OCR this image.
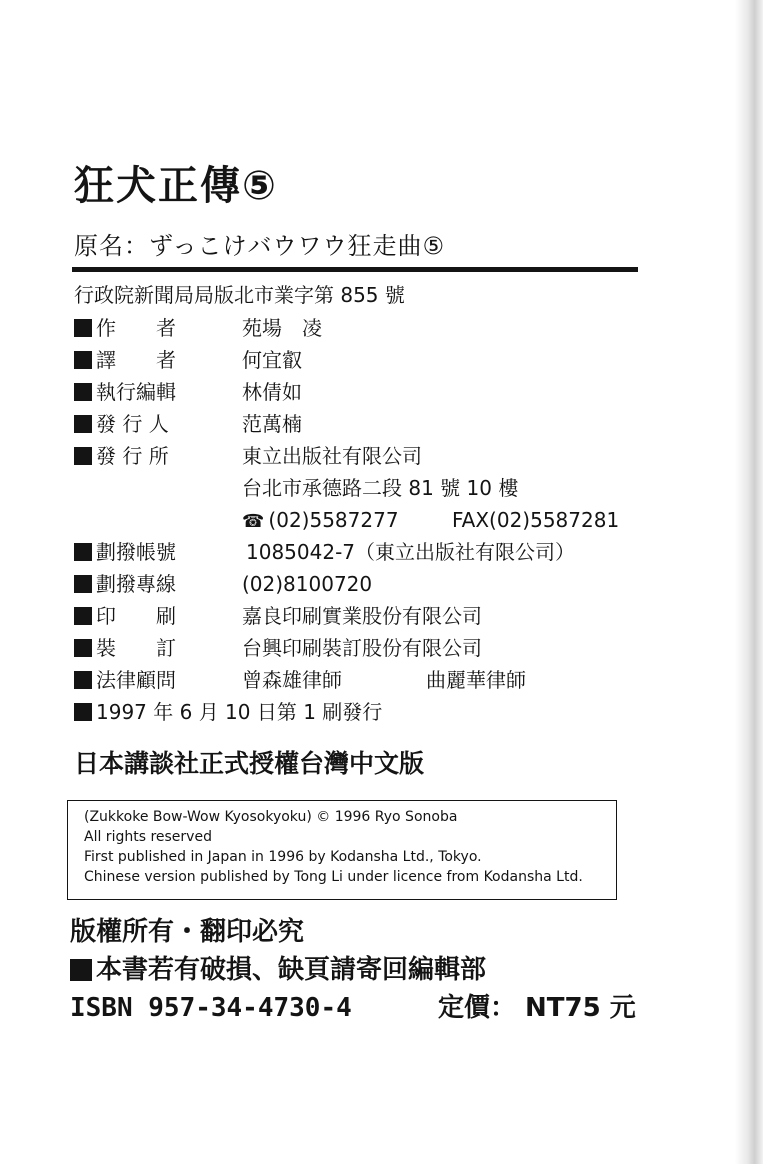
狂犬正傳⑤
原名：ずっこけバウワウ狂走曲⑤
行政院新聞局局版北市業字第 855 號
作　　者	苑場　凌
譯　　者	何宜叡
執行編輯	林倩如
發 行 人	范萬楠
發 行 所	東立出版社有限公司
台北市承德路二段 81 號 10 樓
☎ (02)5587277	FAX(02)5587281
劃撥帳號	1085042-7（東立出版社有限公司）
劃撥專線	(02)8100720
印　　刷	嘉良印刷實業股份有限公司
裝　　訂	台興印刷裝訂股份有限公司
法律顧問	曾森雄律師	曲麗華律師
1997 年 6 月 10 日第 1 刷發行
日本講談社正式授權台灣中文版
(Zukkoke Bow-Wow Kyosokyoku) © 1996 Ryo Sonoba
All rights reserved
First published in Japan in 1996 by Kodansha Ltd., Tokyo.
Chinese version published by Tong Li under licence from Kodansha Ltd.
版權所有・翻印必究
本書若有破損、缺頁請寄回編輯部
ISBN 957-34-4730-4	定價： NT75 元
